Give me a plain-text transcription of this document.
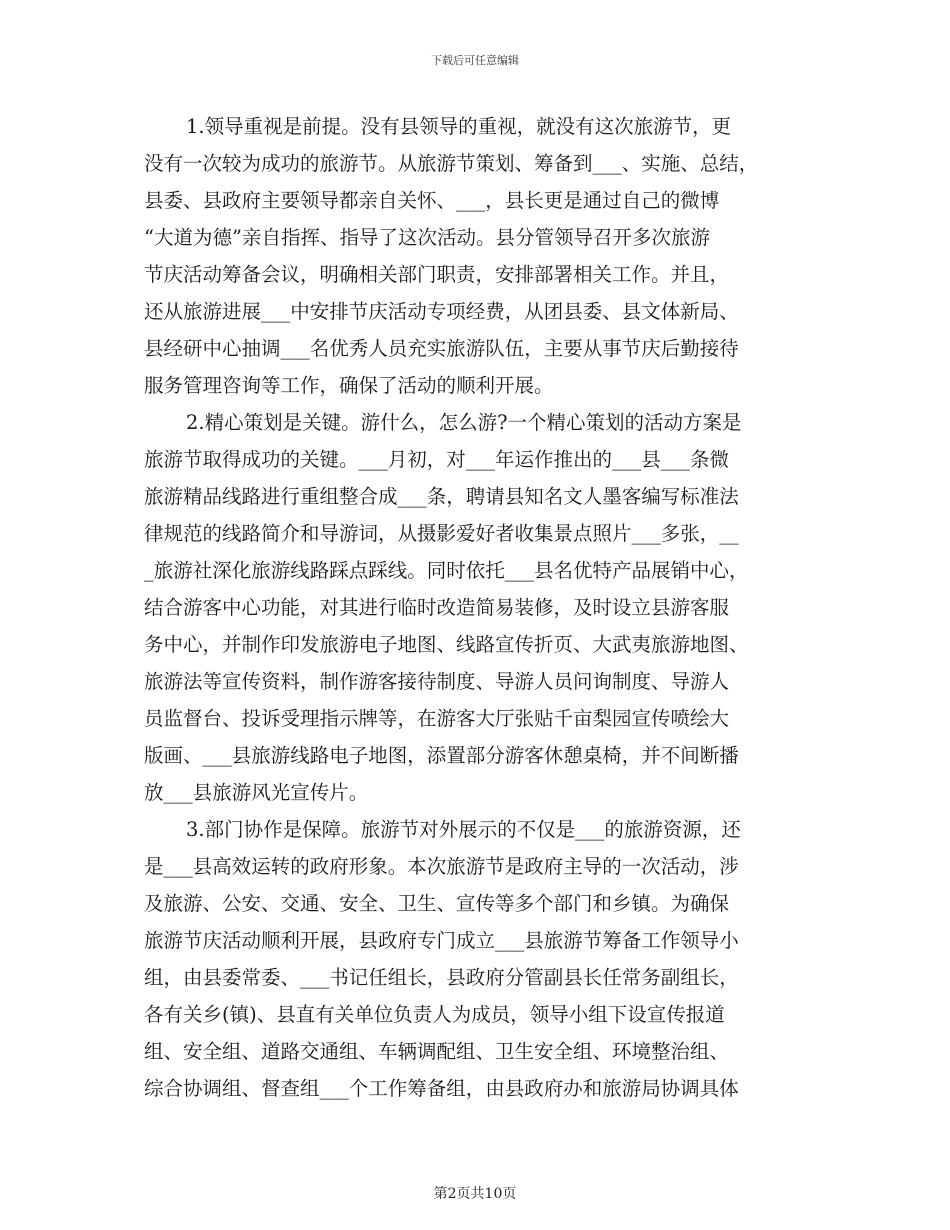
下载后可任意编辑
1.领导重视是前提。没有县领导的重视，就没有这次旅游节，更
没有一次较为成功的旅游节。从旅游节策划、筹备到___、实施、总结，
县委、县政府主要领导都亲自关怀、___，县长更是通过自己的微博
“大道为德”亲自指挥、指导了这次活动。县分管领导召开多次旅游
节庆活动筹备会议，明确相关部门职责，安排部署相关工作。并且，
还从旅游进展___中安排节庆活动专项经费，从团县委、县文体新局、
县经研中心抽调___名优秀人员充实旅游队伍，主要从事节庆后勤接待
服务管理咨询等工作，确保了活动的顺利开展。
2.精心策划是关键。游什么，怎么游?一个精心策划的活动方案是
旅游节取得成功的关键。___月初，对___年运作推出的___县___条微
旅游精品线路进行重组整合成___条，聘请县知名文人墨客编写标准法
律规范的线路简介和导游词，从摄影爱好者收集景点照片___多张，__
_旅游社深化旅游线路踩点踩线。同时依托___县名优特产品展销中心，
结合游客中心功能，对其进行临时改造简易装修，及时设立县游客服
务中心，并制作印发旅游电子地图、线路宣传折页、大武夷旅游地图、
旅游法等宣传资料，制作游客接待制度、导游人员问询制度、导游人
员监督台、投诉受理指示牌等，在游客大厅张贴千亩梨园宣传喷绘大
版画、___县旅游线路电子地图，添置部分游客休憩桌椅，并不间断播
放___县旅游风光宣传片。
3.部门协作是保障。旅游节对外展示的不仅是___的旅游资源，还
是___县高效运转的政府形象。本次旅游节是政府主导的一次活动，涉
及旅游、公安、交通、安全、卫生、宣传等多个部门和乡镇。为确保
旅游节庆活动顺利开展，县政府专门成立___县旅游节筹备工作领导小
组，由县委常委、___书记任组长，县政府分管副县长任常务副组长，
各有关乡(镇)、县直有关单位负责人为成员，领导小组下设宣传报道
组、安全组、道路交通组、车辆调配组、卫生安全组、环境整治组、
综合协调组、督查组___个工作筹备组，由县政府办和旅游局协调具体
第2页共10页
